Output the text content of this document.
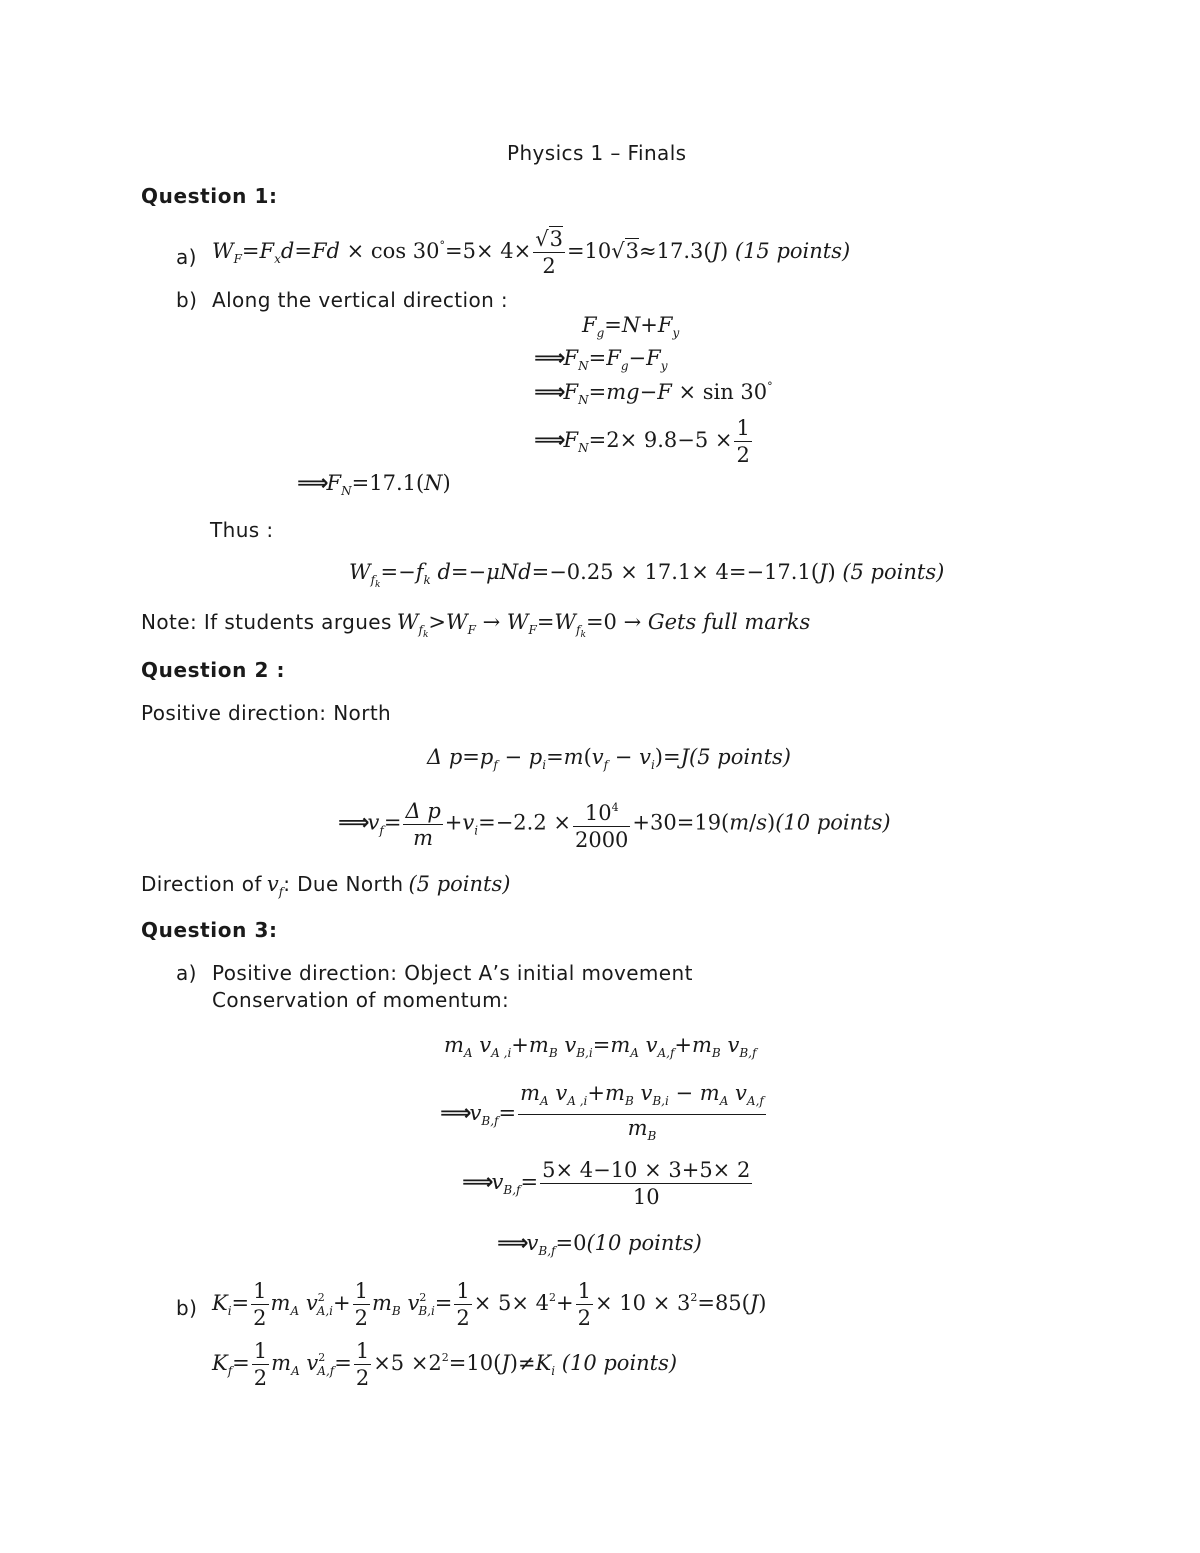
Physics 1 – Finals
Question 1:
a) $W_F=F_xd=Fd \times \cos 30^\circ=5\times 4\times \frac{√3}{2} =10√3\approx 17.3(J)$ (15 points)
b) Along the vertical direction :
$F_g=N+F_y$
$⟹F_N=F_g-F_y$
$⟹F_N=mg-F \times \sin 30^\circ$
$⟹F_N=2\times 9.8-5 \times \frac{1}{2}$
$⟹F_N=17.1(N)$
Thus :
$W_{f_k}=-f_k$ d=−μNd=−0.25 × 17.1× 4=−17.1(J) (5 points)
Note: If students argues $W_{f_k}>W_F \to W_F=W_{f_k}=0$ → Gets full marks
Question 2 :
Positive direction: North
Δ $p=p_f - p_i=m(v_f - v_i)=J(5$ points)
$⟹v_f= \frac{\text{Δ p}}{m} +v_i=-2.2 \times \frac{10^4}{2000} +30=19(m/s)(10$ points)
Direction of $v_f$: Due North (5 points)
Question 3:
a) Positive direction: Object A’s initial movement
Conservation of momentum:
$m_A$ $v_{A ,i}+m_B$ $v_{B,i}=m_A$ $v_{A,f}+m_B$ $v_{B,f}$
$⟹v_{B,f}= \frac{m_A v_{A ,i}+m_B v_{B,i} - m_A v_{A,f}}{m_B}$
$⟹v_{B,f}= \frac{5\times 4-10 \times 3+5\times 2}{10}$
$⟹v_{B,f}=0(10$ points)
b) $K_i= \frac{1}{2} m_A$ $v^2_{A,i}+ \frac{1}{2} m_B$ $v^2_{B,i}= \frac{1}{2} \times 5\times 4^2+ \frac{1}{2} \times 10 \times 3^2=85(J)$
$K_f= \frac{1}{2} m_A$ $v^2_{A,f}= \frac{1}{2} \times 5 \times 2^2=10(J)\ne K_i$ (10 points)
